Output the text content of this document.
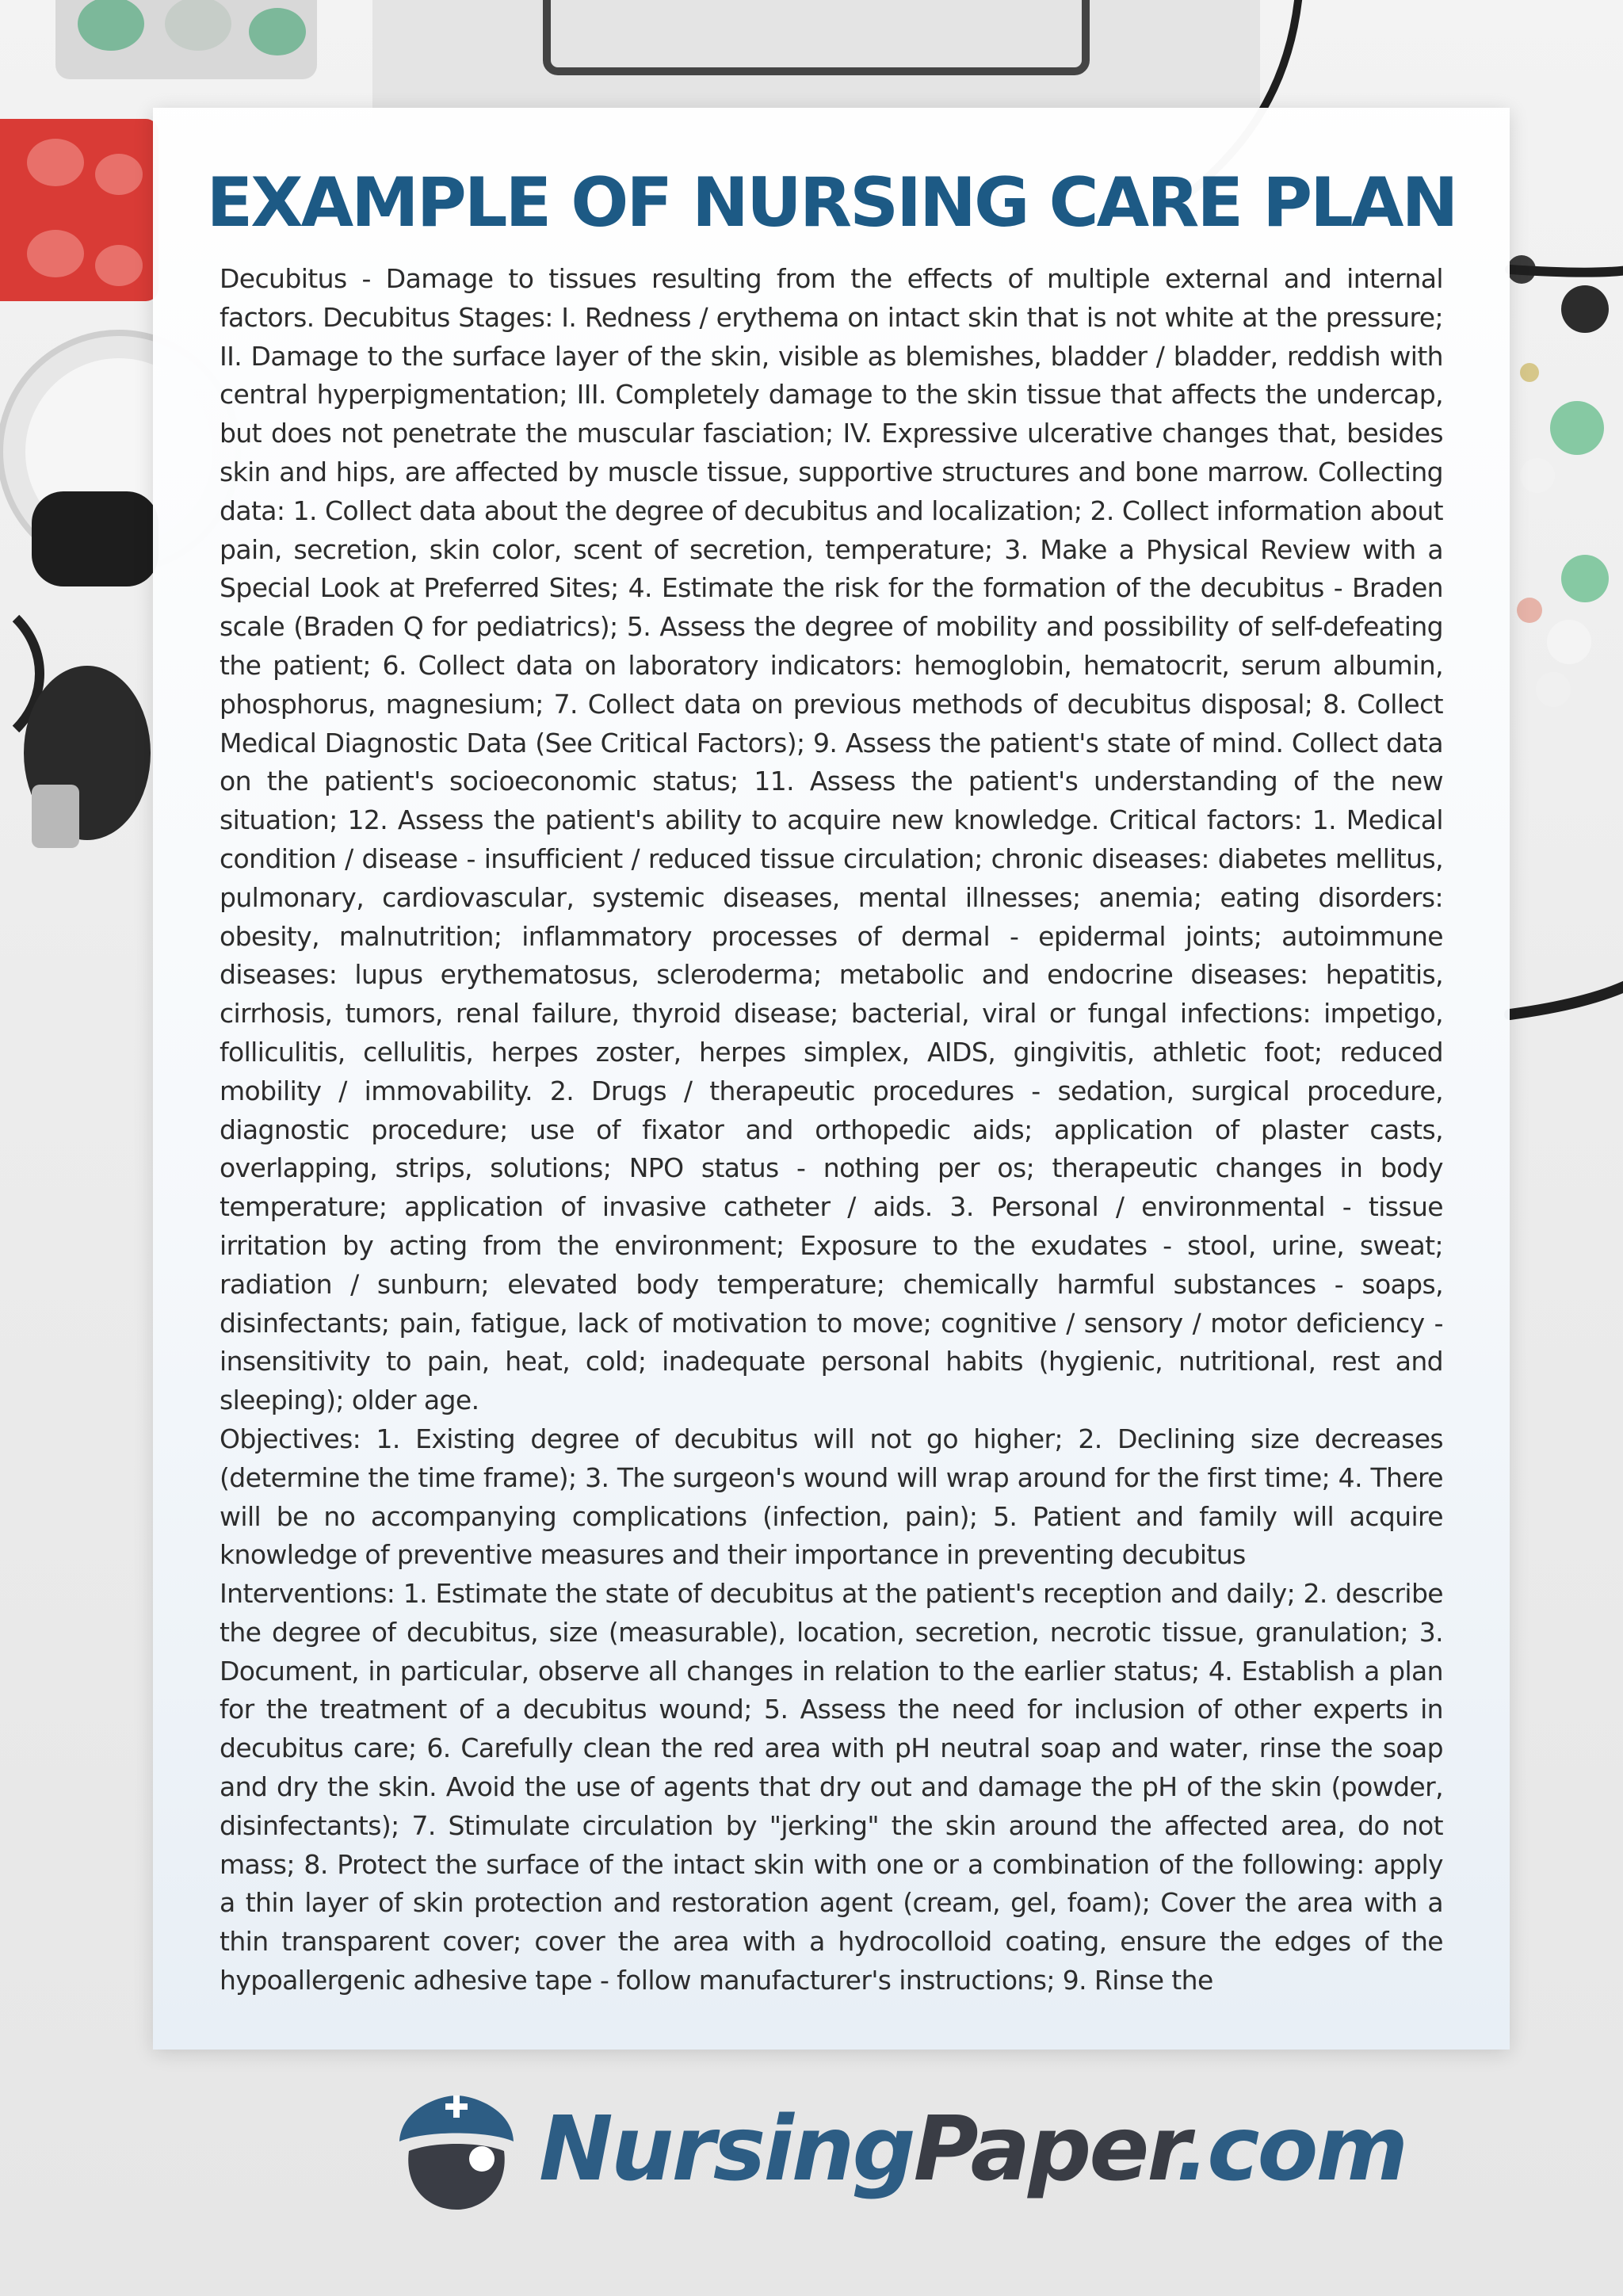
EXAMPLE OF NURSING CARE PLAN

Decubitus - Damage to tissues resulting from the effects of multiple external and internal factors. Decubitus Stages: I. Redness / erythema on intact skin that is not white at the pressure; II. Damage to the surface layer of the skin, visible as blemishes, bladder / bladder, reddish with central hyperpigmentation; III. Completely damage to the skin tissue that affects the undercap, but does not penetrate the muscular fasciation; IV. Expressive ulcerative changes that, besides skin and hips, are affected by muscle tissue, supportive structures and bone marrow. Collecting data: 1. Collect data about the degree of decubitus and localization; 2. Collect information about pain, secretion, skin color, scent of secretion, temperature; 3. Make a Physical Review with a Special Look at Preferred Sites; 4. Estimate the risk for the formation of the decubitus - Braden scale (Braden Q for pediatrics); 5. Assess the degree of mobility and possibility of self-defeating the patient; 6. Collect data on laboratory indicators: hemoglobin, hematocrit, serum albumin, phosphorus, magnesium; 7. Collect data on previous methods of decubitus disposal; 8. Collect Medical Diagnostic Data (See Critical Factors); 9. Assess the patient's state of mind. Collect data on the patient's socioeconomic status; 11. Assess the patient's understanding of the new situation; 12. Assess the patient's ability to acquire new knowledge. Critical factors: 1. Medical condition / disease - insufficient / reduced tissue circulation; chronic diseases: diabetes mellitus, pulmonary, cardiovascular, systemic diseases, mental illnesses; anemia; eating disorders: obesity, malnutrition; inflammatory processes of dermal - epidermal joints; autoimmune diseases: lupus erythematosus, scleroderma; metabolic and endocrine diseases: hepatitis, cirrhosis, tumors, renal failure, thyroid disease; bacterial, viral or fungal infections: impetigo, folliculitis, cellulitis, herpes zoster, herpes simplex, AIDS, gingivitis, athletic foot; reduced mobility / immovability. 2. Drugs / therapeutic procedures - sedation, surgical procedure, diagnostic procedure; use of fixator and orthopedic aids; application of plaster casts, overlapping, strips, solutions; NPO status - nothing per os; therapeutic changes in body temperature; application of invasive catheter / aids. 3. Personal / environmental - tissue irritation by acting from the environment; Exposure to the exudates - stool, urine, sweat; radiation / sunburn; elevated body temperature; chemically harmful substances - soaps, disinfectants; pain, fatigue, lack of motivation to move; cognitive / sensory / motor deficiency - insensitivity to pain, heat, cold; inadequate personal habits (hygienic, nutritional, rest and sleeping); older age.

Objectives: 1. Existing degree of decubitus will not go higher; 2. Declining size decreases (determine the time frame); 3. The surgeon's wound will wrap around for the first time; 4. There will be no accompanying complications (infection, pain); 5. Patient and family will acquire knowledge of preventive measures and their importance in preventing decubitus

Interventions: 1. Estimate the state of decubitus at the patient's reception and daily; 2. describe the degree of decubitus, size (measurable), location, secretion, necrotic tissue, granulation; 3. Document, in particular, observe all changes in relation to the earlier status; 4. Establish a plan for the treatment of a decubitus wound; 5. Assess the need for inclusion of other experts in decubitus care; 6. Carefully clean the red area with pH neutral soap and water, rinse the soap and dry the skin. Avoid the use of agents that dry out and damage the pH of the skin (powder, disinfectants); 7. Stimulate circulation by "jerking" the skin around the affected area, do not mass; 8. Protect the surface of the intact skin with one or a combination of the following: apply a thin layer of skin protection and restoration agent (cream, gel, foam); Cover the area with a thin transparent cover; cover the area with a hydrocolloid coating, ensure the edges of the hypoallergenic adhesive tape - follow manufacturer's instructions; 9. Rinse the

NursingPaper.com
